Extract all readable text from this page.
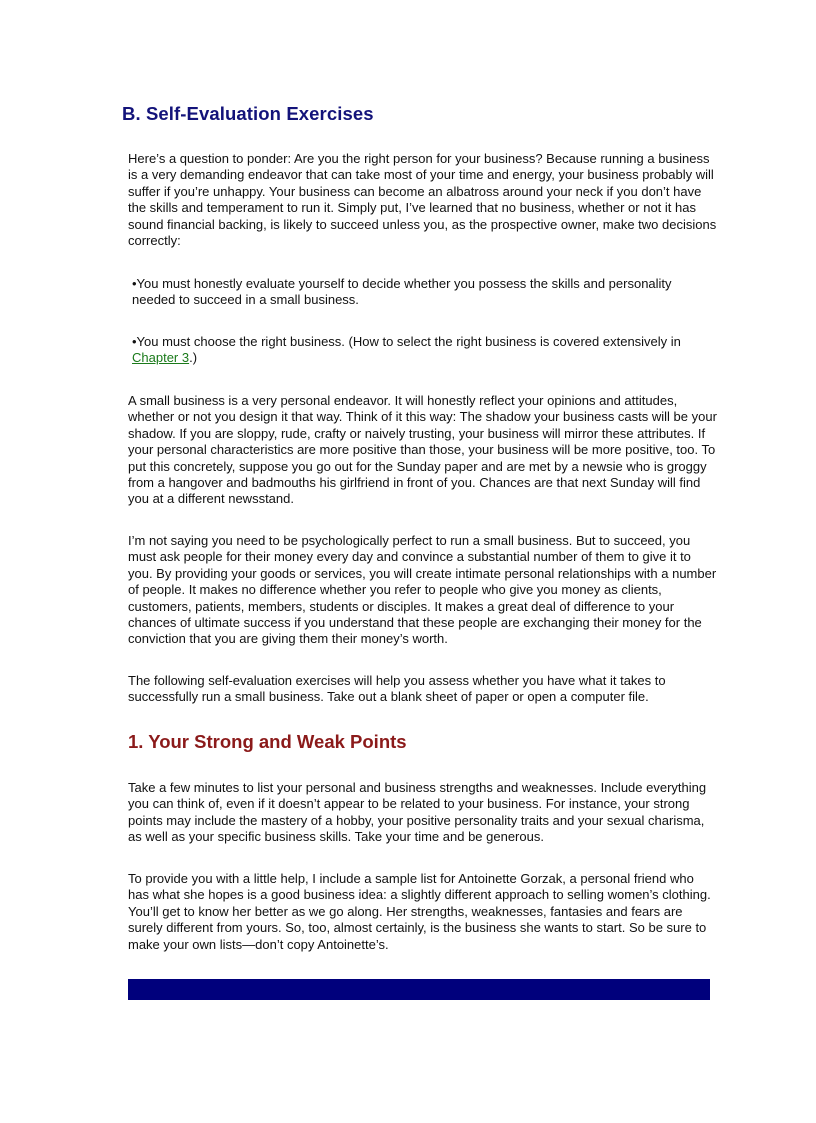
B. Self-Evaluation Exercises

Here’s a question to ponder: Are you the right person for your business? Because running a business is a very demanding endeavor that can take most of your time and energy, your business probably will suffer if you’re unhappy. Your business can become an albatross around your neck if you don’t have the skills and temperament to run it. Simply put, I’ve learned that no business, whether or not it has sound financial backing, is likely to succeed unless you, as the prospective owner, make two decisions correctly:

•You must honestly evaluate yourself to decide whether you possess the skills and personality needed to succeed in a small business.

•You must choose the right business. (How to select the right business is covered extensively in Chapter 3.)

A small business is a very personal endeavor. It will honestly reflect your opinions and attitudes, whether or not you design it that way. Think of it this way: The shadow your business casts will be your shadow. If you are sloppy, rude, crafty or naively trusting, your business will mirror these attributes. If your personal characteristics are more positive than those, your business will be more positive, too. To put this concretely, suppose you go out for the Sunday paper and are met by a newsie who is groggy from a hangover and badmouths his girlfriend in front of you. Chances are that next Sunday will find you at a different newsstand.

I’m not saying you need to be psychologically perfect to run a small business. But to succeed, you must ask people for their money every day and convince a substantial number of them to give it to you. By providing your goods or services, you will create intimate personal relationships with a number of people. It makes no difference whether you refer to people who give you money as clients, customers, patients, members, students or disciples. It makes a great deal of difference to your chances of ultimate success if you understand that these people are exchanging their money for the conviction that you are giving them their money’s worth.

The following self-evaluation exercises will help you assess whether you have what it takes to successfully run a small business. Take out a blank sheet of paper or open a computer file.

1. Your Strong and Weak Points

Take a few minutes to list your personal and business strengths and weaknesses. Include everything you can think of, even if it doesn’t appear to be related to your business. For instance, your strong points may include the mastery of a hobby, your positive personality traits and your sexual charisma, as well as your specific business skills. Take your time and be generous.

To provide you with a little help, I include a sample list for Antoinette Gorzak, a personal friend who has what she hopes is a good business idea: a slightly different approach to selling women’s clothing. You’ll get to know her better as we go along. Her strengths, weaknesses, fantasies and fears are surely different from yours. So, too, almost certainly, is the business she wants to start. So be sure to make your own lists—don’t copy Antoinette’s.
